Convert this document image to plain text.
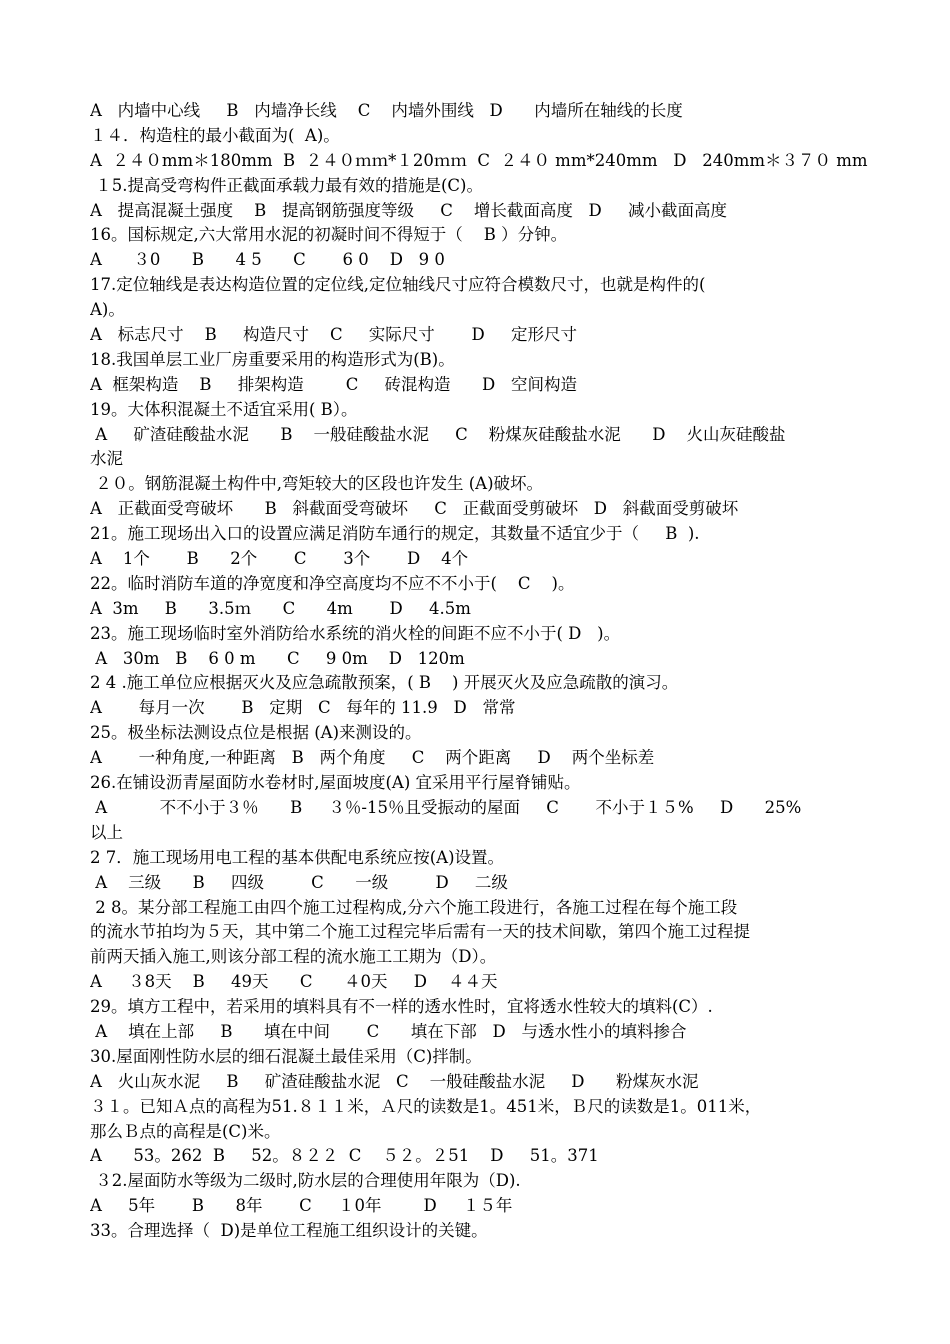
A   内墙中心线     B   内墙净长线    C    内墙外围线   D      内墙所在轴线的长度
１４．构造柱的最小截面为(  A)。
A  ２４０mm＊180mm  B  ２４０ｍｍ*１20ｍｍ  C  ２４０ mm*240mm   D   240mm＊３７０ mm
１5.提高受弯构件正截面承载力最有效的措施是(C)。
A   提高混凝土强度    B   提高钢筋强度等级     C    增长截面高度   D     减小截面高度
16。国标规定,六大常用水泥的初凝时间不得短于（    B ）分钟。
A      ３0      B      4 5      C       6 0    D   9 0
17.定位轴线是表达构造位置的定位线,定位轴线尺寸应符合模数尺寸，也就是构件的(
A)。
A   标志尺寸    B     构造尺寸    C     实际尺寸       D     定形尺寸
18.我国单层工业厂房重要采用的构造形式为(B)。
A  框架构造    B     排架构造        C     砖混构造      D   空间构造
19。大体积混凝土不适宜采用( B）。
A     矿渣硅酸盐水泥      B    一般硅酸盐水泥     C    粉煤灰硅酸盐水泥      D    火山灰硅酸盐
水泥
２０。钢筋混凝土构件中,弯矩较大的区段也许发生 (A)破坏。
A   正截面受弯破坏      B   斜截面受弯破坏     C   正截面受剪破坏   D   斜截面受剪破坏
21。施工现场出入口的设置应满足消防车通行的规定，其数量不适宜少于（     B  ).
A    1个       B      2个       C       3个       D    4个
22。临时消防车道的净宽度和净空高度均不应不不小于(    C    )。
A  3m     B      3.5ｍ      C      4m       D     4.5m
23。施工现场临时室外消防给水系统的消火栓的间距不应不小于( D   )。
A   30m   B    6 0 m      C     9 0m    D   120m
2 4 .施工单位应根据灭火及应急疏散预案，( B    ) 开展灭火及应急疏散的演习。
A       每月一次       B   定期   C   每年的 11.9   D   常常
25。极坐标法测设点位是根据 (A)来测设的。
A       一种角度,一种距离   B   两个角度     C    两个距离     D    两个坐标差
26.在铺设沥青屋面防水卷材时,屋面坡度(A) 宜采用平行屋脊铺贴。
A          不不小于３％      B     ３％-15％且受振动的屋面     C       不小于１５%     D      25%
以上
2 7．施工现场用电工程的基本供配电系统应按(A)设置。
A    三级      B     四级         C      一级         D     二级
2 8。某分部工程施工由四个施工过程构成,分六个施工段进行，各施工过程在每个施工段
的流水节拍均为５天，其中第二个施工过程完毕后需有一天的技术间歇，第四个施工过程提
前两天插入施工,则该分部工程的流水施工工期为（D）。
A     ３8天    B     49天      C      ４0天     D    ４４天
29。填方工程中，若采用的填料具有不一样的透水性时，宜将透水性较大的填料(C）.
A    填在上部     B      填在中间       C      填在下部   D   与透水性小的填料掺合
30.屋面刚性防水层的细石混凝土最佳采用（C)拌制。
A   火山灰水泥     B     矿渣硅酸盐水泥   C    一般硅酸盐水泥     D      粉煤灰水泥
３１。已知Ａ点的高程为51.８１１米，Ａ尺的读数是1。451米，Ｂ尺的读数是1。011米，
那么Ｂ点的高程是(C)米。
A      53。262  B     52。８２２  C    ５２。２51    D     51。371
３2.屋面防水等级为二级时,防水层的合理使用年限为（D).
A     5年       B      8年       C     １0年        D     １５年
33。合理选择（  D)是单位工程施工组织设计的关键。
